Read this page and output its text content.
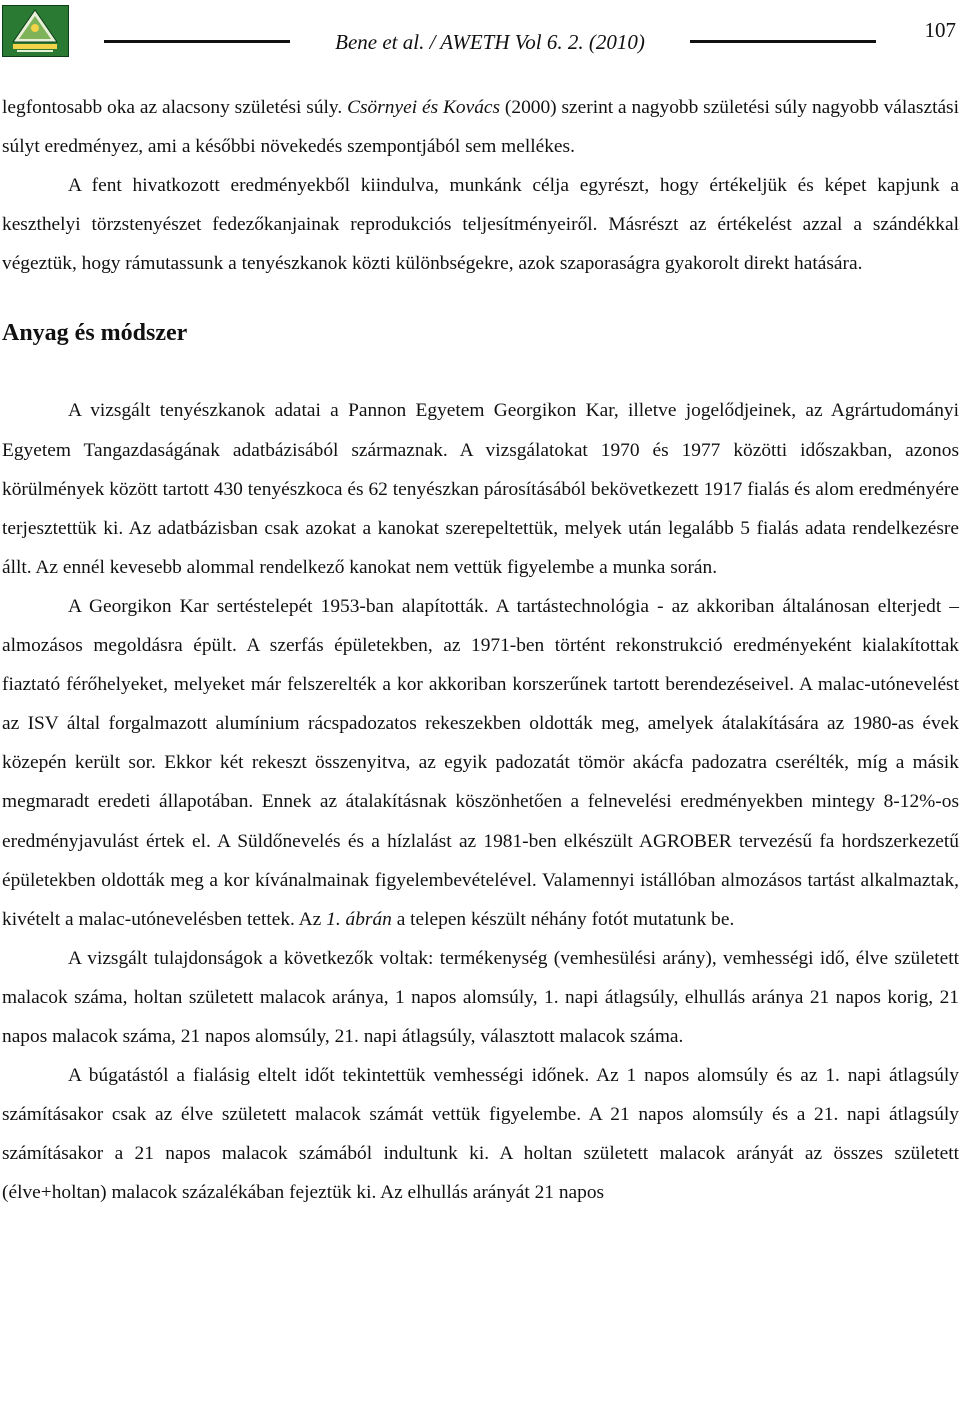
Bene et al. / AWETH Vol 6. 2. (2010)	107

legfontosabb oka az alacsony születési súly. Csörnyei és Kovács (2000) szerint a nagyobb születési súly nagyobb választási súlyt eredményez, ami a későbbi növekedés szempontjából sem mellékes.

A fent hivatkozott eredményekből kiindulva, munkánk célja egyrészt, hogy értékeljük és képet kapjunk a keszthelyi törzstenyészet fedezőkanjainak reprodukciós teljesítményeiről. Másrészt az értékelést azzal a szándékkal végeztük, hogy rámutassunk a tenyészkanok közti különbségekre, azok szaporaságra gyakorolt direkt hatására.

Anyag és módszer

A vizsgált tenyészkanok adatai a Pannon Egyetem Georgikon Kar, illetve jogelődjeinek, az Agrártudományi Egyetem Tangazdaságának adatbázisából származnak. A vizsgálatokat 1970 és 1977 közötti időszakban, azonos körülmények között tartott 430 tenyészkoca és 62 tenyészkan párosításából bekövetkezett 1917 fialás és alom eredményére terjesztettük ki. Az adatbázisban csak azokat a kanokat szerepeltettük, melyek után legalább 5 fialás adata rendelkezésre állt. Az ennél kevesebb alommal rendelkező kanokat nem vettük figyelembe a munka során.

A Georgikon Kar sertéstelepét 1953-ban alapították. A tartástechnológia - az akkoriban általánosan elterjedt – almozásos megoldásra épült. A szerfás épületekben, az 1971-ben történt rekonstrukció eredményeként kialakítottak fiaztató férőhelyeket, melyeket már felszerelték a kor akkoriban korszerűnek tartott berendezéseivel. A malac-utónevelést az ISV által forgalmazott alumínium rácspadozatos rekeszekben oldották meg, amelyek átalakítására az 1980-as évek közepén került sor. Ekkor két rekeszt összenyitva, az egyik padozatát tömör akácfa padozatra cserélték, míg a másik megmaradt eredeti állapotában. Ennek az átalakításnak köszönhetően a felnevelési eredményekben mintegy 8-12%-os eredményjavulást értek el. A Süldőnevelés és a hízlalást az 1981-ben elkészült AGROBER tervezésű fa hordszerkezetű épületekben oldották meg a kor kívánalmainak figyelembevételével. Valamennyi istállóban almozásos tartást alkalmaztak, kivételt a malac-utónevelésben tettek. Az 1. ábrán a telepen készült néhány fotót mutatunk be.

A vizsgált tulajdonságok a következők voltak: termékenység (vemhesülési arány), vemhességi idő, élve született malacok száma, holtan született malacok aránya, 1 napos alomsúly, 1. napi átlagsúly, elhullás aránya 21 napos korig, 21 napos malacok száma, 21 napos alomsúly, 21. napi átlagsúly, választott malacok száma.

A búgatástól a fialásig eltelt időt tekintettük vemhességi időnek. Az 1 napos alomsúly és az 1. napi átlagsúly számításakor csak az élve született malacok számát vettük figyelembe. A 21 napos alomsúly és a 21. napi átlagsúly számításakor a 21 napos malacok számából indultunk ki. A holtan született malacok arányát az összes született (élve+holtan) malacok százalékában fejeztük ki. Az elhullás arányát 21 napos
